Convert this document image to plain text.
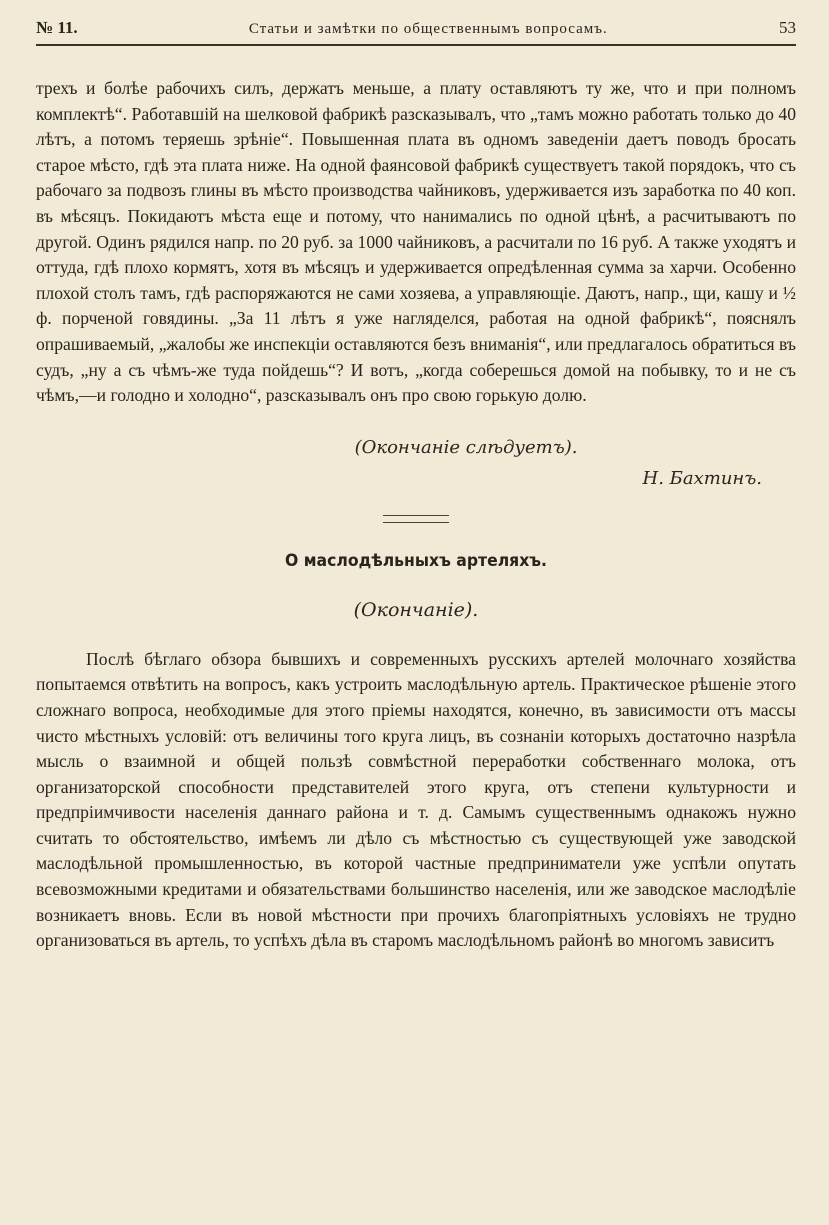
№ 11.	Статьи и замѣтки по общественнымъ вопросамъ.	53

трехъ и болѣе рабочихъ силъ, держатъ меньше, а плату оставляютъ ту же, что и при полномъ комплектѣ“. Работавшiй на шелковой фабрикѣ разсказывалъ, что „тамъ можно работать только до 40 лѣтъ, а потомъ теряешь зрѣнiе“. Повышенная плата въ одномъ заведенiи даетъ поводъ бросать старое мѣсто, гдѣ эта плата ниже. На одной фаянсовой фабрикѣ существуетъ такой порядокъ, что съ рабочаго за подвозъ глины въ мѣсто производства чайниковъ, удерживается изъ заработка по 40 коп. въ мѣсяцъ. Покидаютъ мѣста еще и потому, что нанимались по одной цѣнѣ, а расчитываютъ по другой. Одинъ рядился напр. по 20 руб. за 1000 чайниковъ, а расчитали по 16 руб. А также уходятъ и оттуда, гдѣ плохо кормятъ, хотя въ мѣсяцъ и удерживается опредѣленная сумма за харчи. Особенно плохой столъ тамъ, гдѣ распоряжаются не сами хозяева, а управляющiе. Даютъ, напр., щи, кашу и ½ ф. порченой говядины. „За 11 лѣтъ я уже нагляделся, работая на одной фабрикѣ“, пояснялъ опрашиваемый, „жалобы же инспекцiи оставляются безъ вниманiя“, или предлагалось обратиться въ судъ, „ну а съ чѣмъ-же туда пойдешь“? И вотъ, „когда соберешься домой на побывку, то и не съ чѣмъ,—и голодно и холодно“, разсказывалъ онъ про свою горькую долю.

(Окончанiе слѣдуетъ).
Н. Бахтинъ.
О маслодѣльныхъ артеляхъ.
(Окончанiе).

Послѣ бѣглаго обзора бывшихъ и современныхъ русскихъ артелей молочнаго хозяйства попытаемся отвѣтить на вопросъ, какъ устроить маслодѣльную артель. Практическое рѣшенiе этого сложнаго вопроса, необходимые для этого прiемы находятся, конечно, въ зависимости отъ массы чисто мѣстныхъ условiй: отъ величины того круга лицъ, въ сознанiи которыхъ достаточно назрѣла мысль о взаимной и общей пользѣ совмѣстной переработки собственнаго молока, отъ организаторской способности представителей этого круга, отъ степени культурности и предпрiимчивости населенiя даннаго района и т. д. Самымъ существеннымъ однакожъ нужно считать то обстоятельство, имѣемъ ли дѣло съ мѣстностью съ существующей уже заводской маслодѣльной промышленностью, въ которой частные предприниматели уже успѣли опутать всевозможными кредитами и обязательствами большинство населенiя, или же заводское маслодѣлiе возникаетъ вновь. Если въ новой мѣстности при прочихъ благопрiятныхъ условiяхъ не трудно организоваться въ артель, то успѣхъ дѣла въ старомъ маслодѣльномъ районѣ во многомъ зависитъ
